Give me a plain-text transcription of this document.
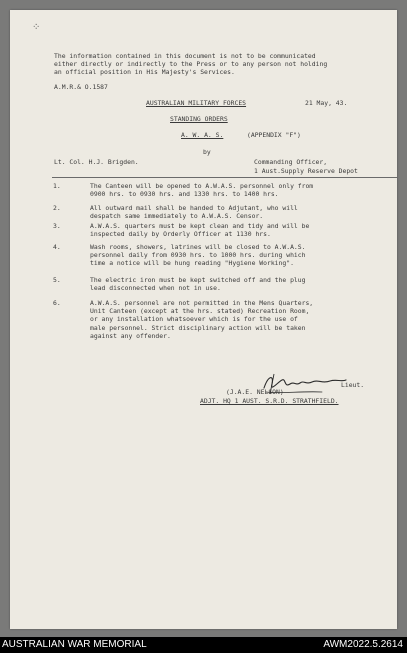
⁘
The information contained in this document is not to be communicated
either directly or indirectly to the Press or to any person not holding
an official position in His Majesty's Services.
A.M.R.& O.1587
AUSTRALIAN MILITARY FORCES	21 May, 43.
STANDING ORDERS
A. W. A. S.	(APPENDIX "F")
by
Lt. Col. H.J. Brigden.	Commanding Officer,
1 Aust.Supply Reserve Depot
1.	The Canteen will be opened to A.W.A.S. personnel only from
0900 hrs. to 0930 hrs. and 1330 hrs. to 1400 hrs.
2.	All outward mail shall be handed to Adjutant, who will
despatch same immediately to A.W.A.S. Censor.
3.	A.W.A.S. quarters must be kept clean and tidy and will be
inspected daily by Orderly Officer at 1130 hrs.
4.	Wash rooms, showers, latrines will be closed to A.W.A.S.
personnel daily from 0930 hrs. to 1000 hrs. during which
time a notice will be hung reading "Hygiene Working".
5.	The electric iron must be kept switched off and the plug
lead disconnected when not in use.
6.	A.W.A.S. personnel are not permitted in the Mens Quarters,
Unit Canteen (except at the hrs. stated) Recreation Room,
or any installation whatsoever which is for the use of
male personnel. Strict disciplinary action will be taken
against any offender.
Lieut.
(J.A.E. NELSON)
ADJT. HQ 1 AUST. S.R.D. STRATHFIELD.
AUSTRALIAN WAR MEMORIAL	AWM2022.5.2614
